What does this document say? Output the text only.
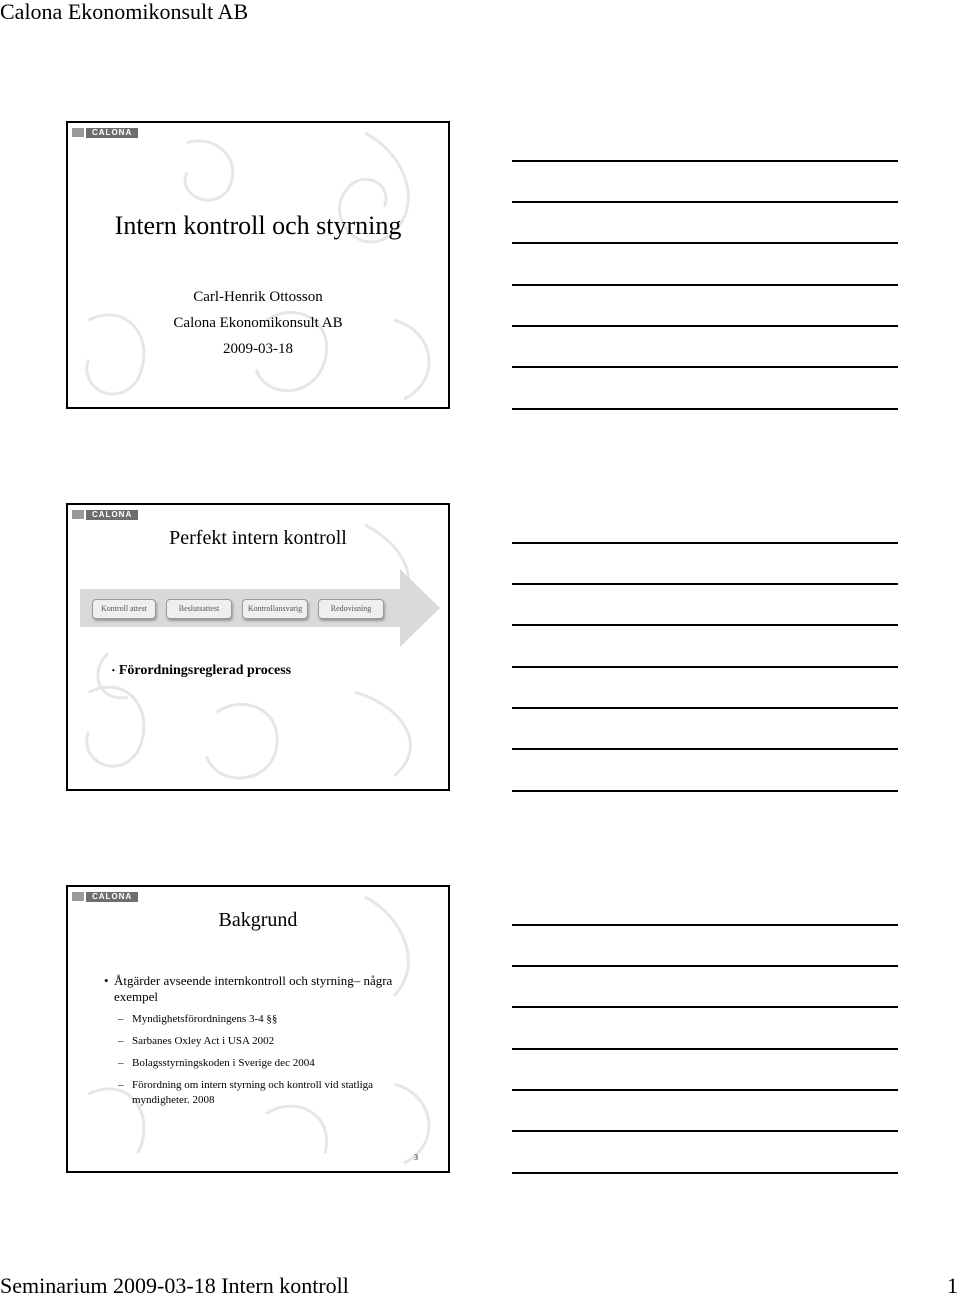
Calona Ekonomikonsult AB
CALONA
Intern kontroll och styrning
Carl-Henrik Ottosson
Calona Ekonomikonsult AB
2009-03-18
CALONA
Perfekt intern kontroll
Kontroll attest	Beslutsattest	Kontrollansvarig	Redovisning
• Förordningsreglerad process
CALONA
Bakgrund
• Åtgärder avseende internkontroll och styrning– några exempel
– Myndighetsförordningens 3-4 §§
– Sarbanes Oxley Act i USA 2002
– Bolagsstyrningskoden i Sverige dec 2004
– Förordning om intern styrning och kontroll vid statliga myndigheter. 2008
3
Seminarium 2009-03-18 Intern kontroll	1
